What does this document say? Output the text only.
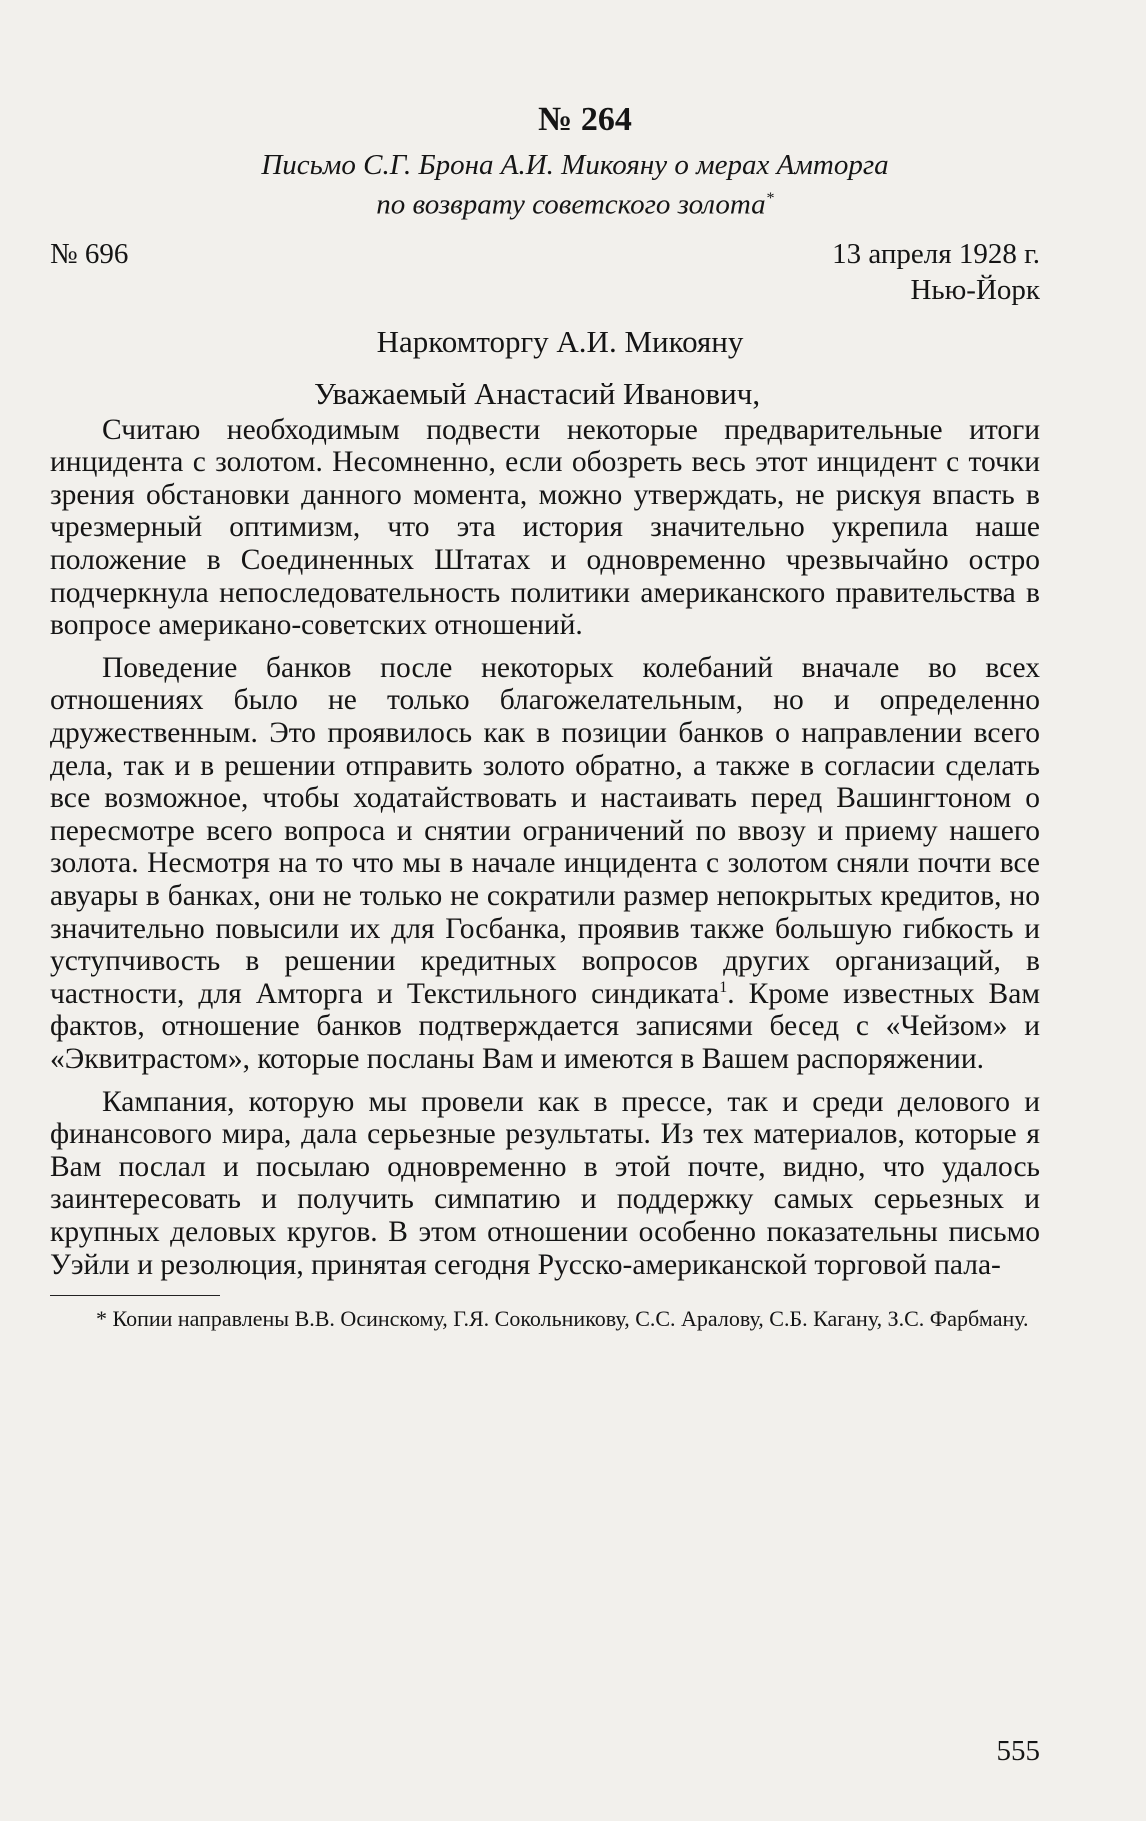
№ 264
Письмо С.Г. Брона А.И. Микояну о мерах Амторга
по возврату советского золота*
№ 696	13 апреля 1928 г.
Нью-Йорк
Наркомторгу А.И. Микояну
Уважаемый Анастасий Иванович,

Считаю необходимым подвести некоторые предварительные итоги инцидента с золотом. Несомненно, если обозреть весь этот инцидент с точки зрения обстановки данного момента, можно утверждать, не рискуя впасть в чрезмерный оптимизм, что эта история значительно укрепила наше положение в Соединенных Штатах и одновременно чрезвычайно остро подчеркнула непоследовательность политики американского правительства в вопросе американо-советских отношений.

Поведение банков после некоторых колебаний вначале во всех отношениях было не только благожелательным, но и определенно дружественным. Это проявилось как в позиции банков о направлении всего дела, так и в решении отправить золото обратно, а также в согласии сделать все возможное, чтобы ходатайствовать и настаивать перед Вашингтоном о пересмотре всего вопроса и снятии ограничений по ввозу и приему нашего золота. Несмотря на то что мы в начале инцидента с золотом сняли почти все авуары в банках, они не только не сократили размер непокрытых кредитов, но значительно повысили их для Госбанка, проявив также большую гибкость и уступчивость в решении кредитных вопросов других организаций, в частности, для Амторга и Текстильного синдиката$^1$. Кроме известных Вам фактов, отношение банков подтверждается записями бесед с «Чейзом» и «Эквитрастом», которые посланы Вам и имеются в Вашем распоряжении.

Кампания, которую мы провели как в прессе, так и среди делового и финансового мира, дала серьезные результаты. Из тех материалов, которые я Вам послал и посылаю одновременно в этой почте, видно, что удалось заинтересовать и получить симпатию и поддержку самых серьезных и крупных деловых кругов. В этом отношении особенно показательны письмо Уэйли и резолюция, принятая сегодня Русско-американской торговой пала-

* Копии направлены В.В. Осинскому, Г.Я. Сокольникову, С.С. Аралову, С.Б. Кагану, З.С. Фарбману.
555
